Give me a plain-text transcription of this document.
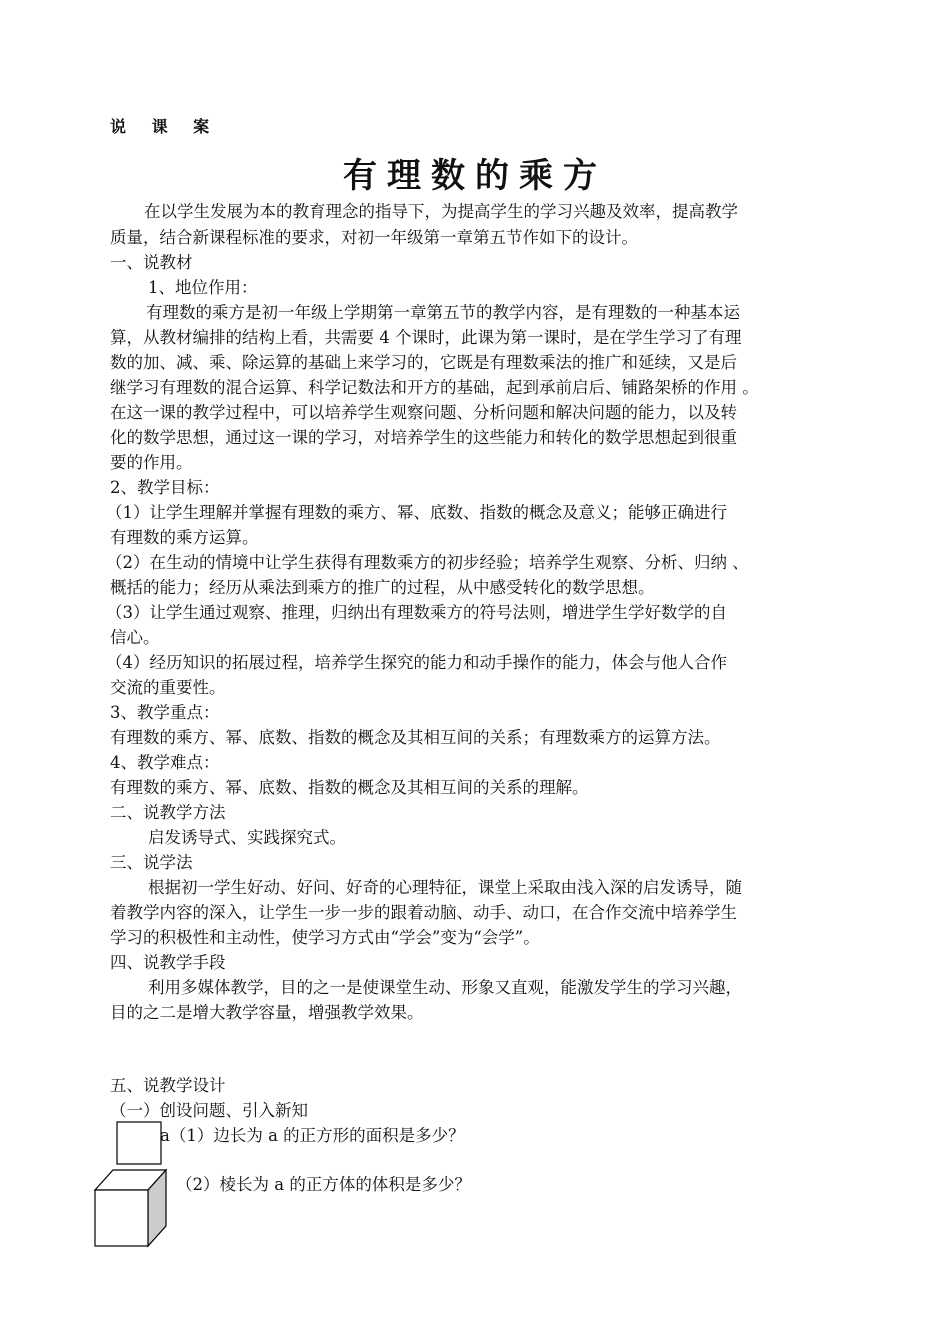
说 课 案
有理数的乘方
在以学生发展为本的教育理念的指导下，为提高学生的学习兴趣及效率，提高教学
质量，结合新课程标准的要求，对初一年级第一章第五节作如下的设计。
一、说教材
1、地位作用：
有理数的乘方是初一年级上学期第一章第五节的教学内容，是有理数的一种基本运
算，从教材编排的结构上看，共需要 4 个课时，此课为第一课时，是在学生学习了有理
数的加、减、乘、除运算的基础上来学习的，它既是有理数乘法的推广和延续，又是后
继学习有理数的混合运算、科学记数法和开方的基础，起到承前启后、铺路架桥的作用 。
在这一课的教学过程中，可以培养学生观察问题、分析问题和解决问题的能力，以及转
化的数学思想，通过这一课的学习，对培养学生的这些能力和转化的数学思想起到很重
要的作用。
2、教学目标：
（1）让学生理解并掌握有理数的乘方、幂、底数、指数的概念及意义；能够正确进行
有理数的乘方运算。
（2）在生动的情境中让学生获得有理数乘方的初步经验；培养学生观察、分析、归纳 、
概括的能力；经历从乘法到乘方的推广的过程，从中感受转化的数学思想。
（3）让学生通过观察、推理，归纳出有理数乘方的符号法则，增进学生学好数学的自
信心。
（4）经历知识的拓展过程，培养学生探究的能力和动手操作的能力，体会与他人合作
交流的重要性。
3、教学重点：
有理数的乘方、幂、底数、指数的概念及其相互间的关系；有理数乘方的运算方法。
4、教学难点：
有理数的乘方、幂、底数、指数的概念及其相互间的关系的理解。
二、说教学方法
启发诱导式、实践探究式。
三、说学法
根据初一学生好动、好问、好奇的心理特征，课堂上采取由浅入深的启发诱导，随
着教学内容的深入，让学生一步一步的跟着动脑、动手、动口，在合作交流中培养学生
学习的积极性和主动性，使学习方式由“学会”变为“会学”。
四、说教学手段
利用多媒体教学，目的之一是使课堂生动、形象又直观，能激发学生的学习兴趣，
目的之二是增大教学容量，增强教学效果。
五、说教学设计
（一）创设问题、引入新知
a（1）边长为 a 的正方形的面积是多少？
（2）棱长为 a 的正方体的体积是多少？
